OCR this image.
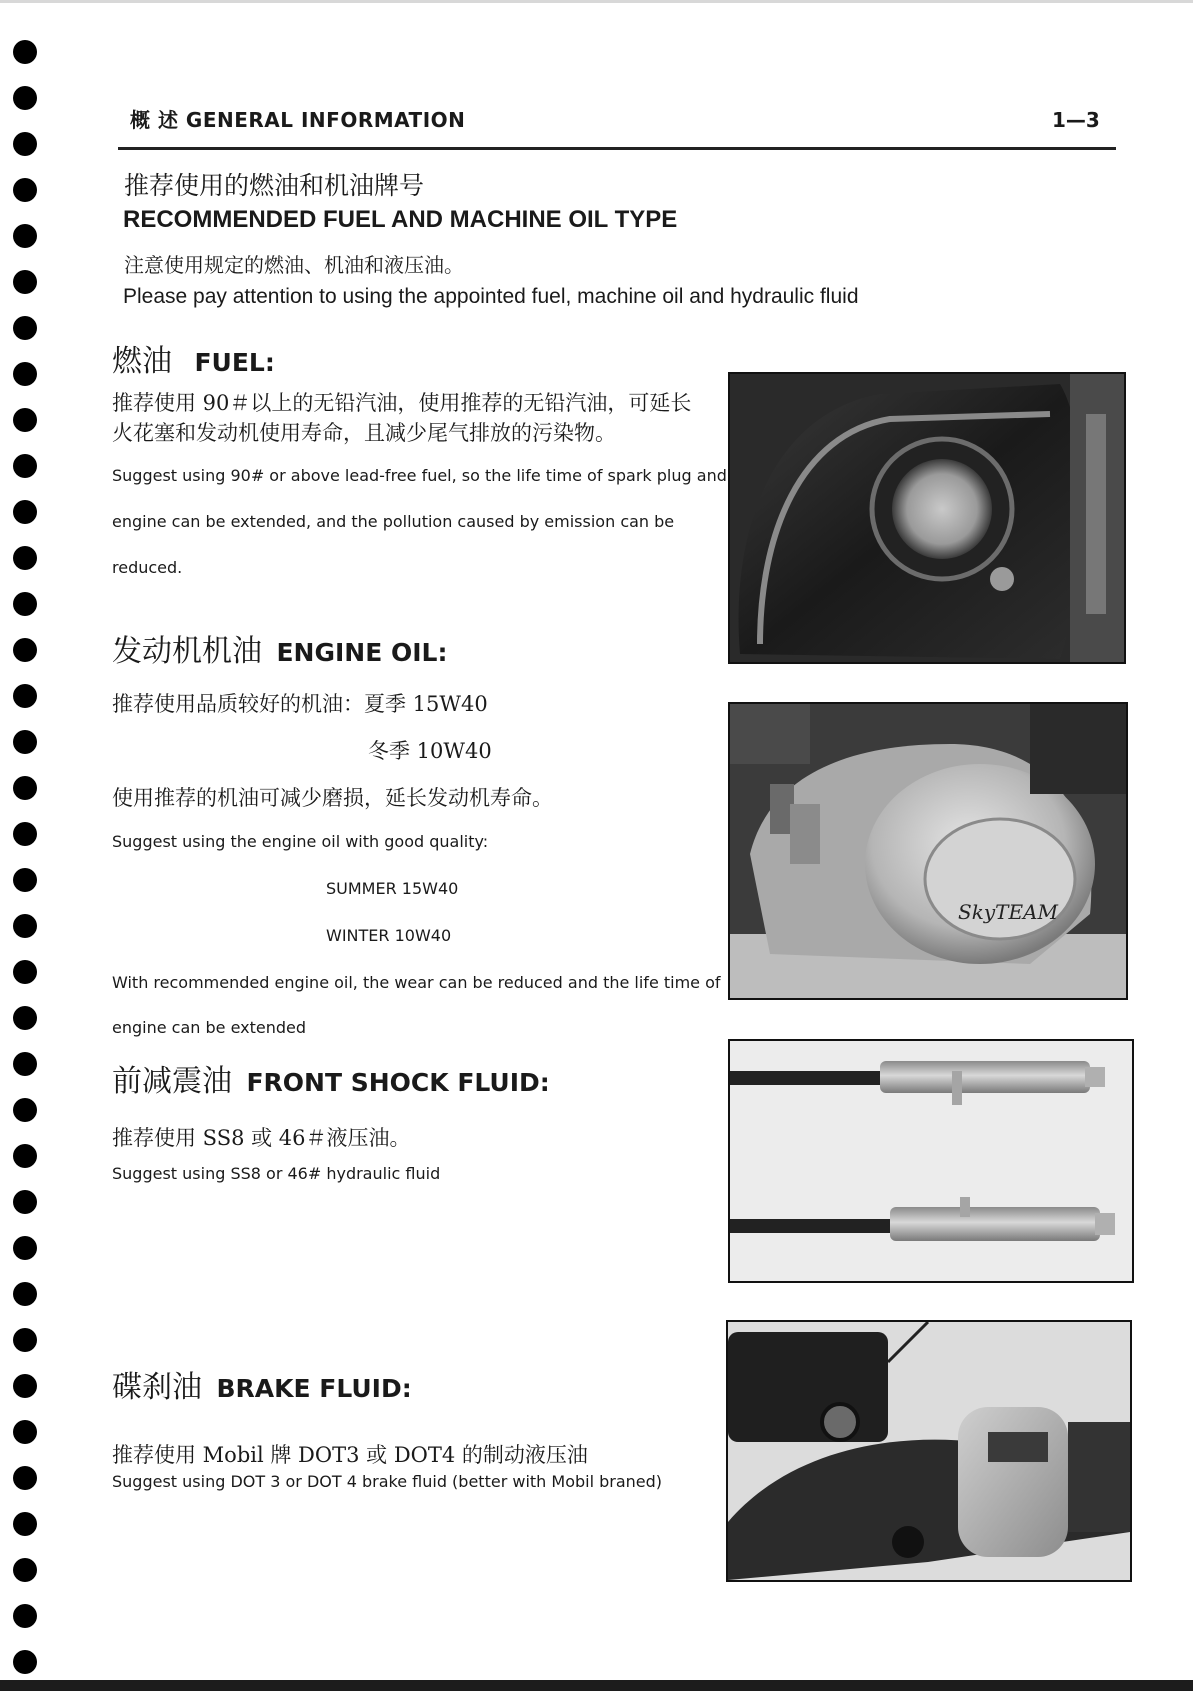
概 述 GENERAL INFORMATION	1—3
推荐使用的燃油和机油牌号
RECOMMENDED FUEL AND MACHINE OIL TYPE
注意使用规定的燃油、机油和液压油。
Please pay attention to using the appointed fuel, machine oil and hydraulic fluid
燃油 FUEL:
推荐使用 90＃以上的无铅汽油，使用推荐的无铅汽油，可延长
火花塞和发动机使用寿命，且减少尾气排放的污染物。
Suggest using 90# or above lead-free fuel, so the life time of spark plug and
engine can be extended, and the pollution caused by emission can be
reduced.
发动机机油 ENGINE OIL:
推荐使用品质较好的机油：夏季 15W40
冬季 10W40
使用推荐的机油可减少磨损，延长发动机寿命。
Suggest using the engine oil with good quality:
SUMMER 15W40
WINTER 10W40
With recommended engine oil, the wear can be reduced and the life time of
engine can be extended
SkyTEAM
前减震油 FRONT SHOCK FLUID:
推荐使用 SS8 或 46＃液压油。
Suggest using SS8 or 46# hydraulic fluid
碟刹油 BRAKE FLUID:
推荐使用 Mobil 牌 DOT3 或 DOT4 的制动液压油
Suggest using DOT 3 or DOT 4 brake fluid (better with Mobil braned)
